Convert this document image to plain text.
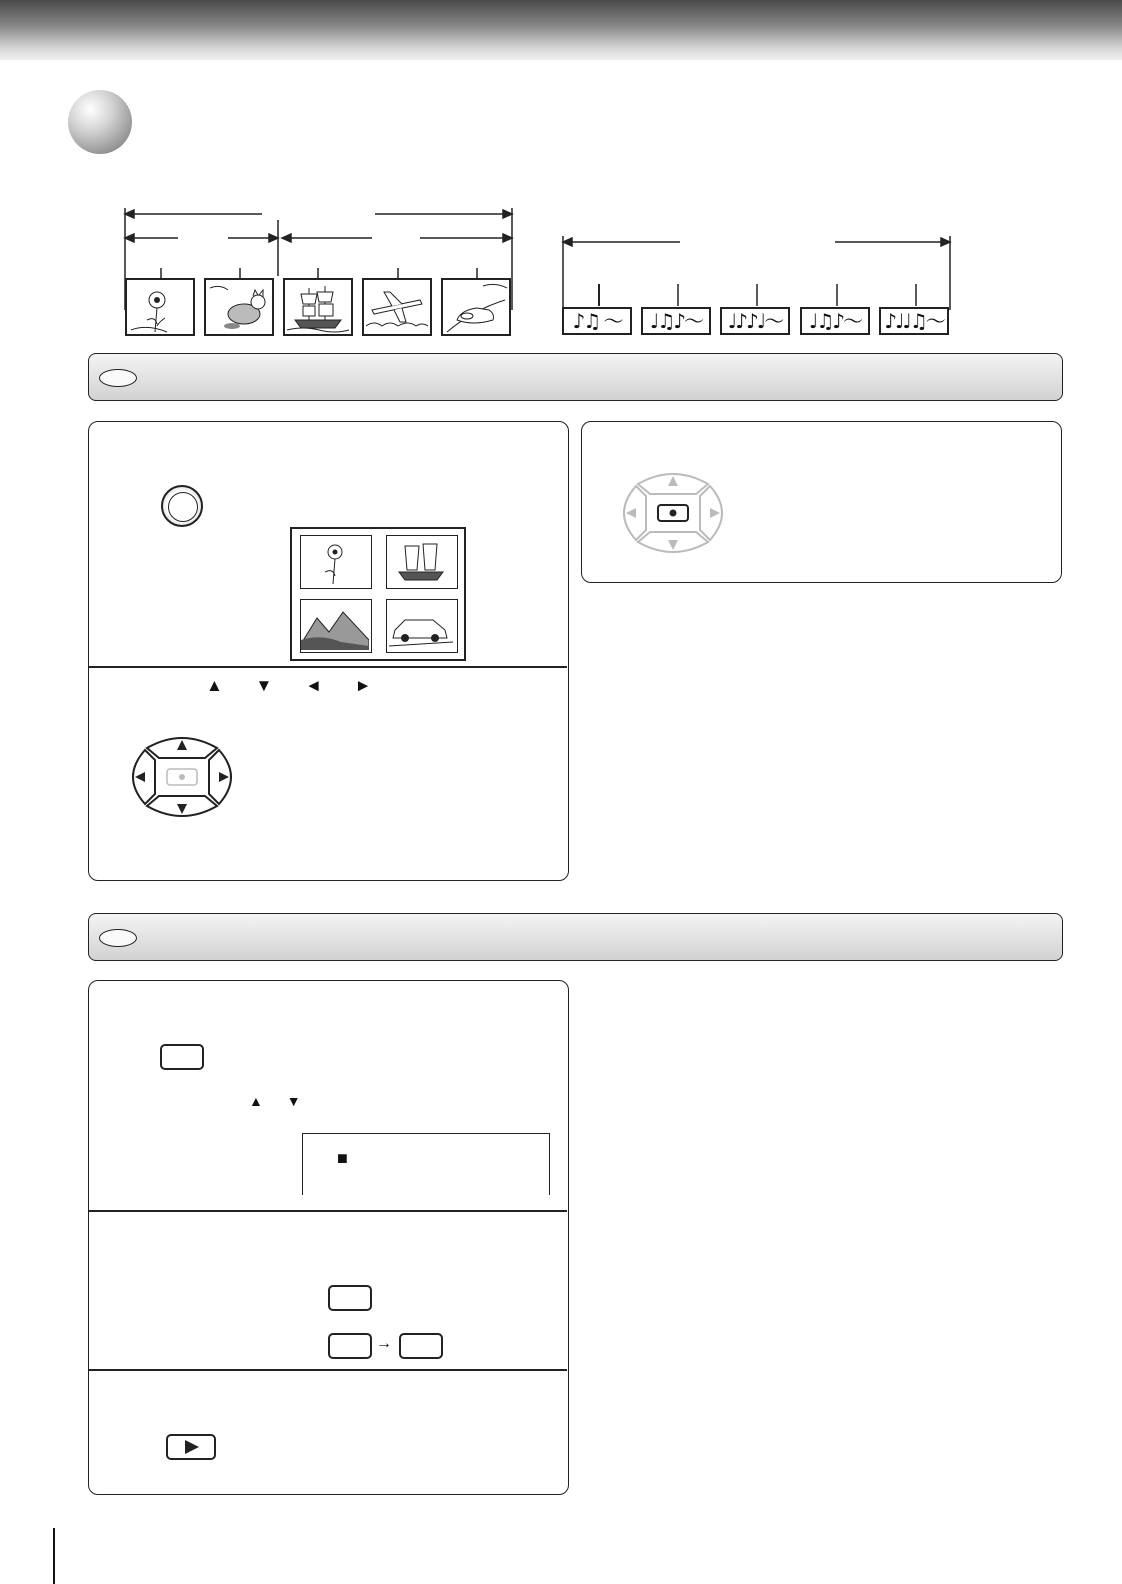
♪♫ ～	♩♫♪～	♩♪♪♩～	♩♫♪～	♪♩♩♫～
▲ ▼ ◄ ►
▲ ▼
■
→
